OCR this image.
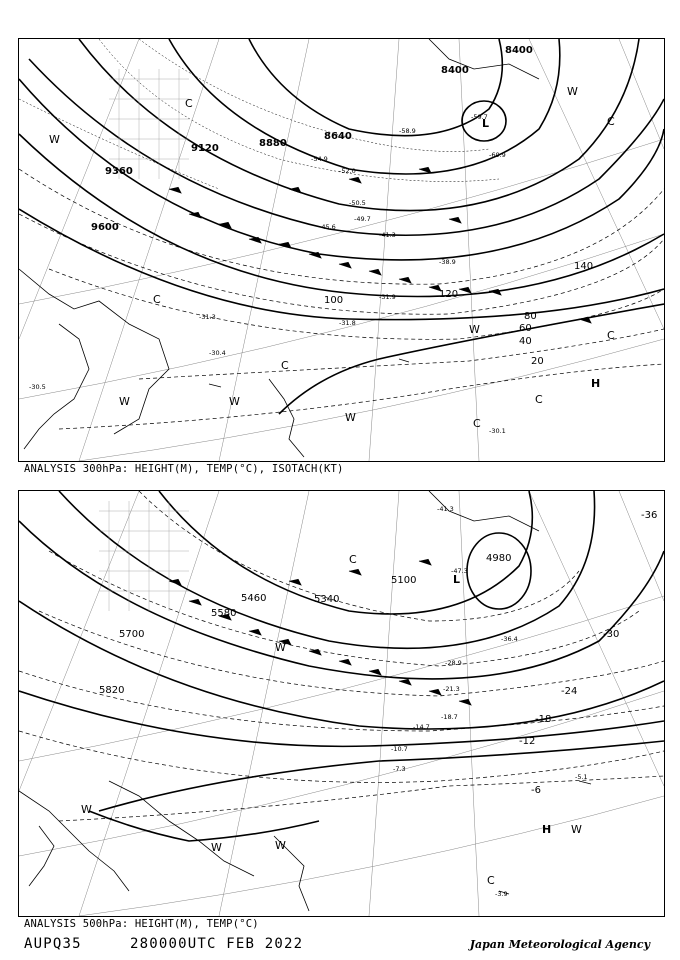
8400
8400
8640
8880
9120
9360
9600
20
40
60
80
100
120
140
-30.1
-30.4
-30.5
-31.3
-31.8
-31.9
-38.9
-41.3
-45.6
-49.7
-50.5
-52.0
-54.9
-58.9
-59.7
-60.9
W
W	W
W
W
W
C
C
C
C
C
C
C
H
L
ANALYSIS 300hPa: HEIGHT(M), TEMP(°C), ISOTACH(KT)
4980
5100
5340
5460
5580
5700
5820
-6
-12
-18
-24
-30
-36
-5.1
-3.9
-7.3
-10.7
-14.7
-18.7
-21.3
-28.9
-36.4
-41.3
-47.3
W
W	W
W
W
C
C
H
L
ANALYSIS 500hPa: HEIGHT(M), TEMP(°C)
AUPQ35	280000UTC FEB 2022	Japan Meteorological Agency
